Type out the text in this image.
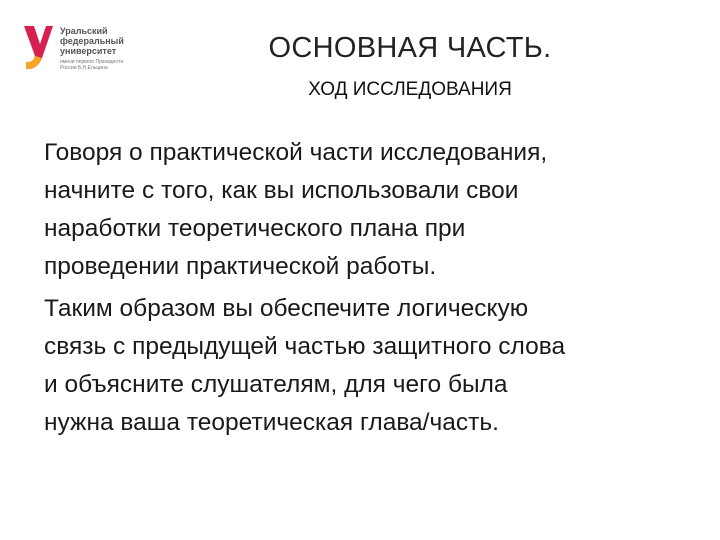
Уральский
федеральный
университет
имени первого Президента
России Б.Н.Ельцина
ОСНОВНАЯ ЧАСТЬ.
ХОД ИССЛЕДОВАНИЯ

Говоря о практической части исследования,
начните с того, как вы использовали свои
наработки теоретического плана при
проведении практической работы.

Таким образом вы обеспечите логическую
связь с предыдущей частью защитного слова
и объясните слушателям, для чего была
нужна ваша теоретическая глава/часть.
